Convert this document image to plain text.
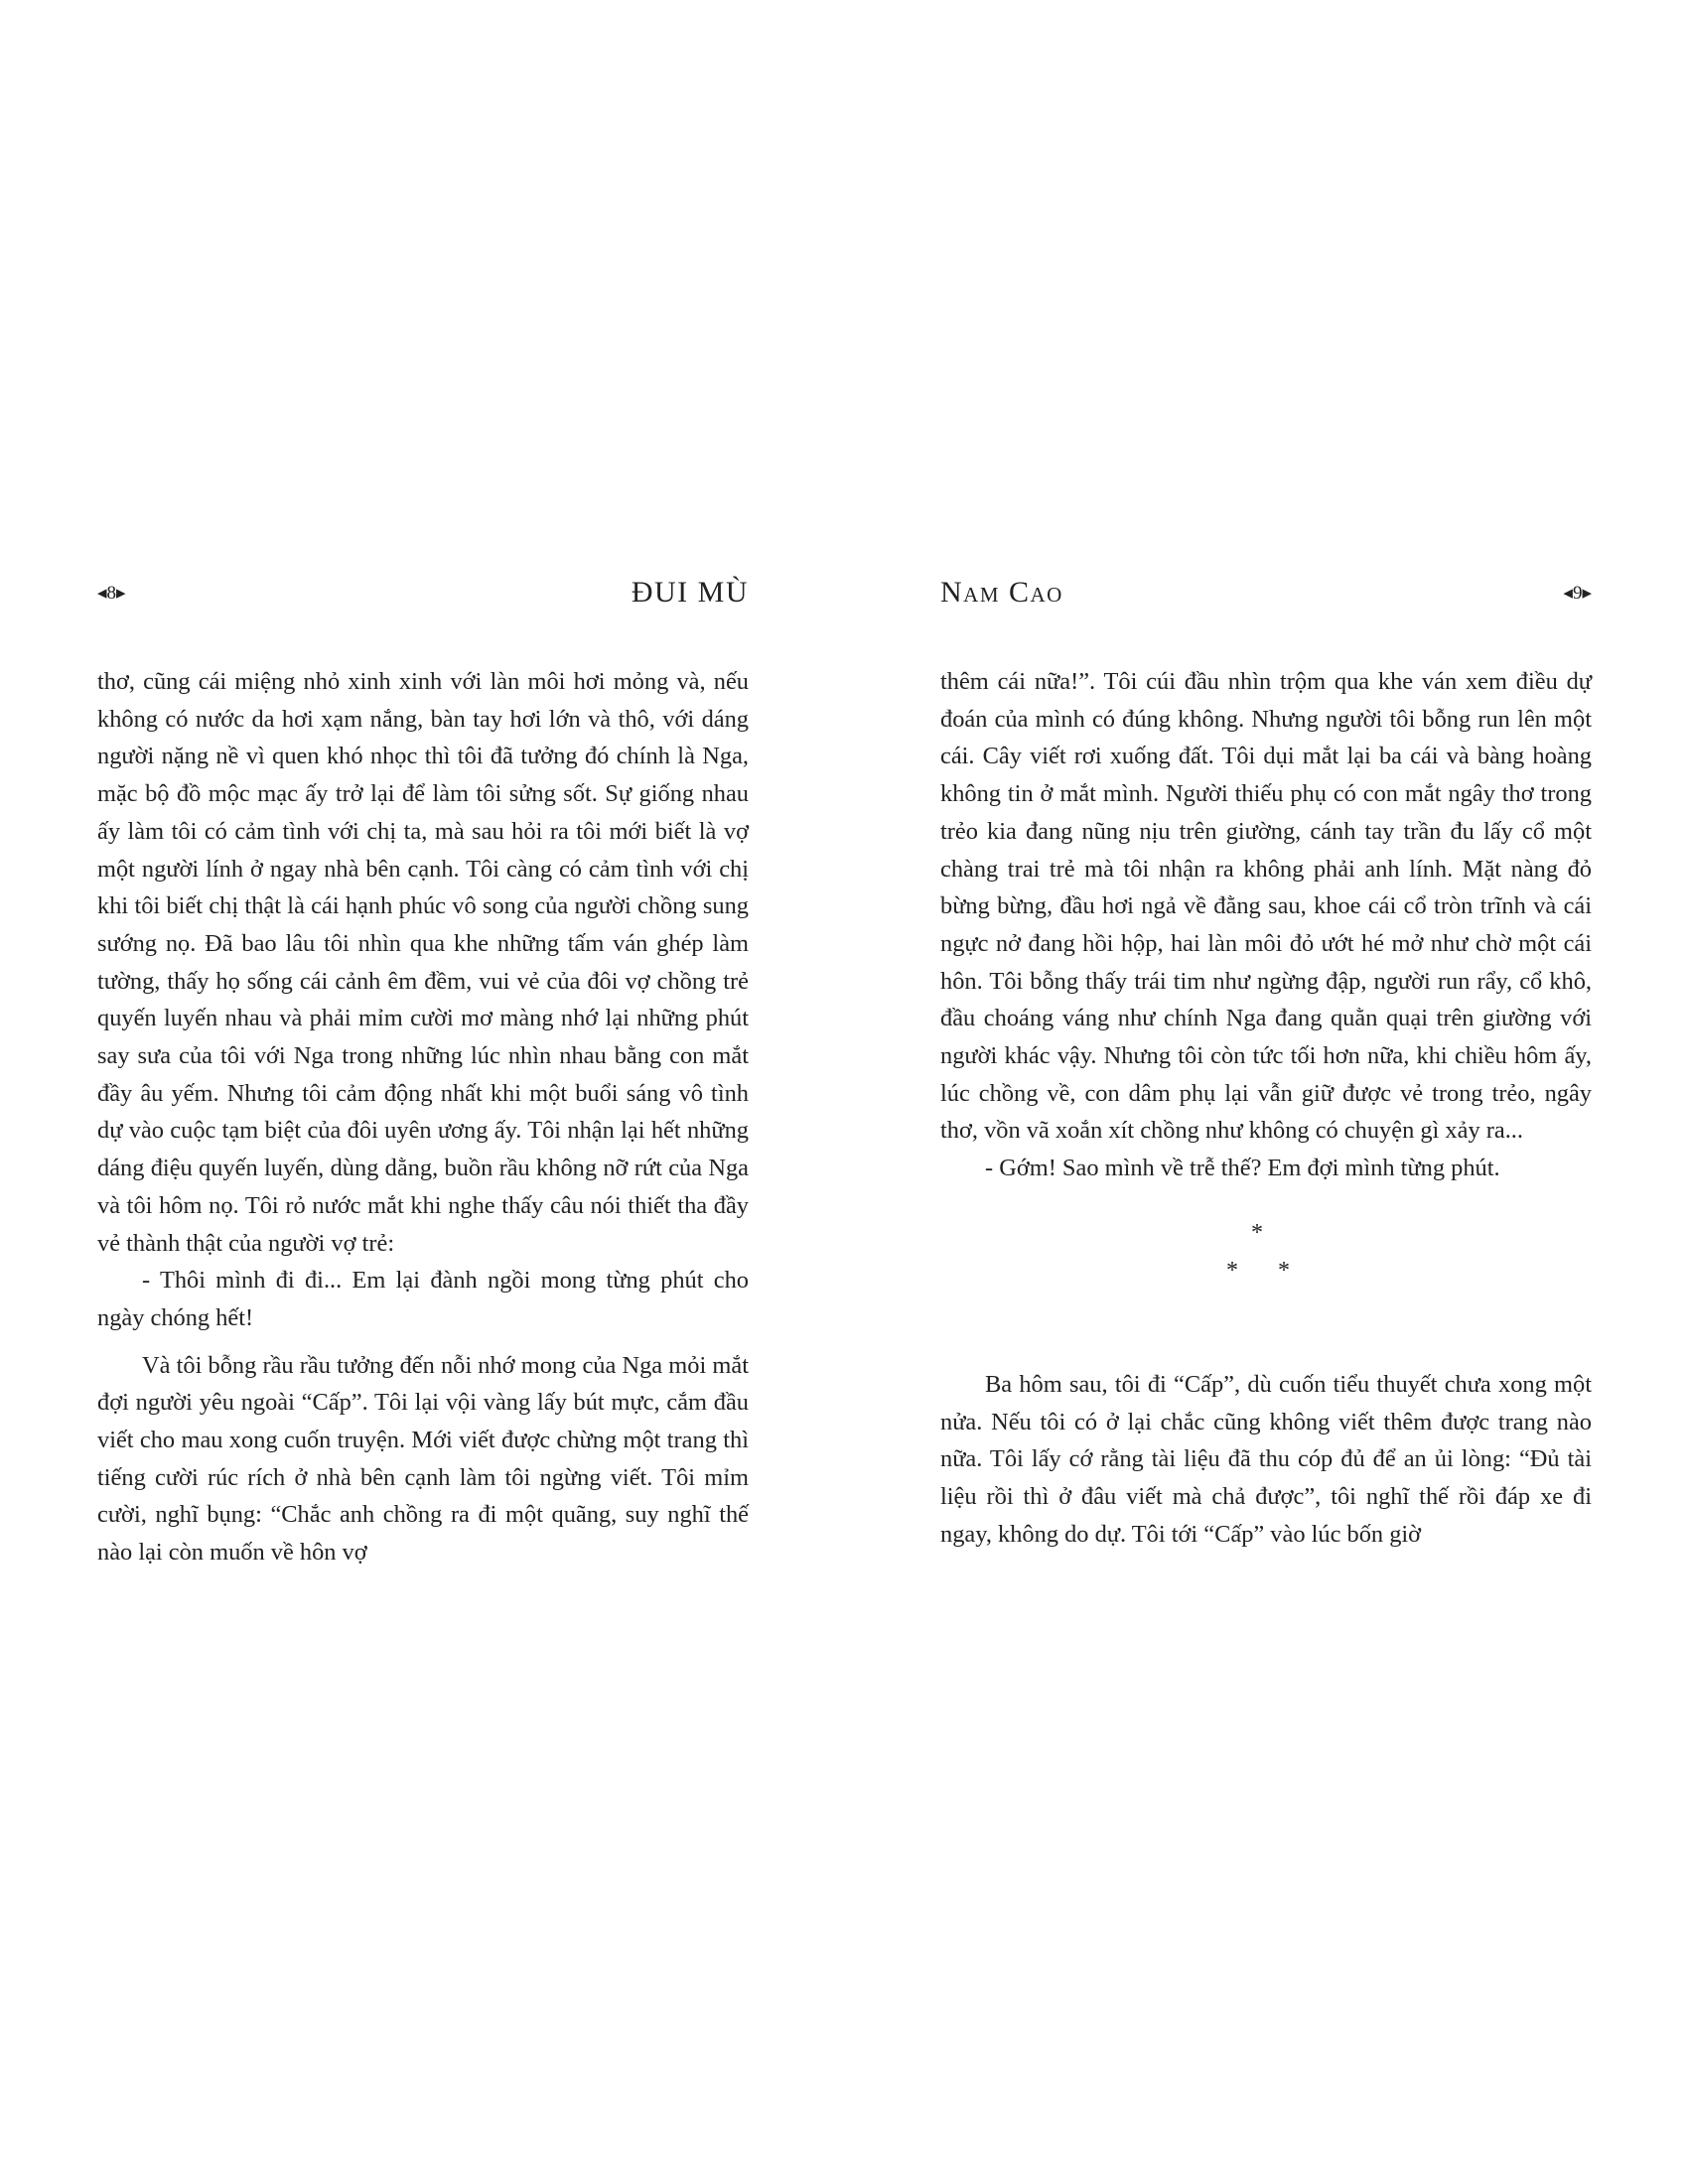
◂8▸	ĐUI MÙ

thơ, cũng cái miệng nhỏ xinh xinh với làn môi hơi mỏng và, nếu không có nước da hơi xạm nắng, bàn tay hơi lớn và thô, với dáng người nặng nề vì quen khó nhọc thì tôi đã tưởng đó chính là Nga, mặc bộ đồ mộc mạc ấy trở lại để làm tôi sửng sốt. Sự giống nhau ấy làm tôi có cảm tình với chị ta, mà sau hỏi ra tôi mới biết là vợ một người lính ở ngay nhà bên cạnh. Tôi càng có cảm tình với chị khi tôi biết chị thật là cái hạnh phúc vô song của người chồng sung sướng nọ. Đã bao lâu tôi nhìn qua khe những tấm ván ghép làm tường, thấy họ sống cái cảnh êm đềm, vui vẻ của đôi vợ chồng trẻ quyến luyến nhau và phải mỉm cười mơ màng nhớ lại những phút say sưa của tôi với Nga trong những lúc nhìn nhau bằng con mắt đầy âu yếm. Nhưng tôi cảm động nhất khi một buổi sáng vô tình dự vào cuộc tạm biệt của đôi uyên ương ấy. Tôi nhận lại hết những dáng điệu quyến luyến, dùng dằng, buồn rầu không nỡ rứt của Nga và tôi hôm nọ. Tôi rỏ nước mắt khi nghe thấy câu nói thiết tha đầy vẻ thành thật của người vợ trẻ:

- Thôi mình đi đi... Em lại đành ngồi mong từng phút cho ngày chóng hết!

Và tôi bỗng rầu rầu tưởng đến nỗi nhớ mong của Nga mỏi mắt đợi người yêu ngoài “Cấp”. Tôi lại vội vàng lấy bút mực, cắm đầu viết cho mau xong cuốn truyện. Mới viết được chừng một trang thì tiếng cười rúc rích ở nhà bên cạnh làm tôi ngừng viết. Tôi mỉm cười, nghĩ bụng: “Chắc anh chồng ra đi một quãng, suy nghĩ thế nào lại còn muốn về hôn vợ

Nam Cao	◂9▸

thêm cái nữa!”. Tôi cúi đầu nhìn trộm qua khe ván xem điều dự đoán của mình có đúng không. Nhưng người tôi bỗng run lên một cái. Cây viết rơi xuống đất. Tôi dụi mắt lại ba cái và bàng hoàng không tin ở mắt mình. Người thiếu phụ có con mắt ngây thơ trong trẻo kia đang nũng nịu trên giường, cánh tay trần đu lấy cổ một chàng trai trẻ mà tôi nhận ra không phải anh lính. Mặt nàng đỏ bừng bừng, đầu hơi ngả về đằng sau, khoe cái cổ tròn trĩnh và cái ngực nở đang hồi hộp, hai làn môi đỏ ướt hé mở như chờ một cái hôn. Tôi bỗng thấy trái tim như ngừng đập, người run rẩy, cổ khô, đầu choáng váng như chính Nga đang quằn quại trên giường với người khác vậy. Nhưng tôi còn tức tối hơn nữa, khi chiều hôm ấy, lúc chồng về, con dâm phụ lại vẫn giữ được vẻ trong trẻo, ngây thơ, vồn vã xoắn xít chồng như không có chuyện gì xảy ra...

- Gớm! Sao mình về trễ thế? Em đợi mình từng phút.

*
* *

Ba hôm sau, tôi đi “Cấp”, dù cuốn tiểu thuyết chưa xong một nửa. Nếu tôi có ở lại chắc cũng không viết thêm được trang nào nữa. Tôi lấy cớ rằng tài liệu đã thu cóp đủ để an ủi lòng: “Đủ tài liệu rồi thì ở đâu viết mà chả được”, tôi nghĩ thế rồi đáp xe đi ngay, không do dự. Tôi tới “Cấp” vào lúc bốn giờ
